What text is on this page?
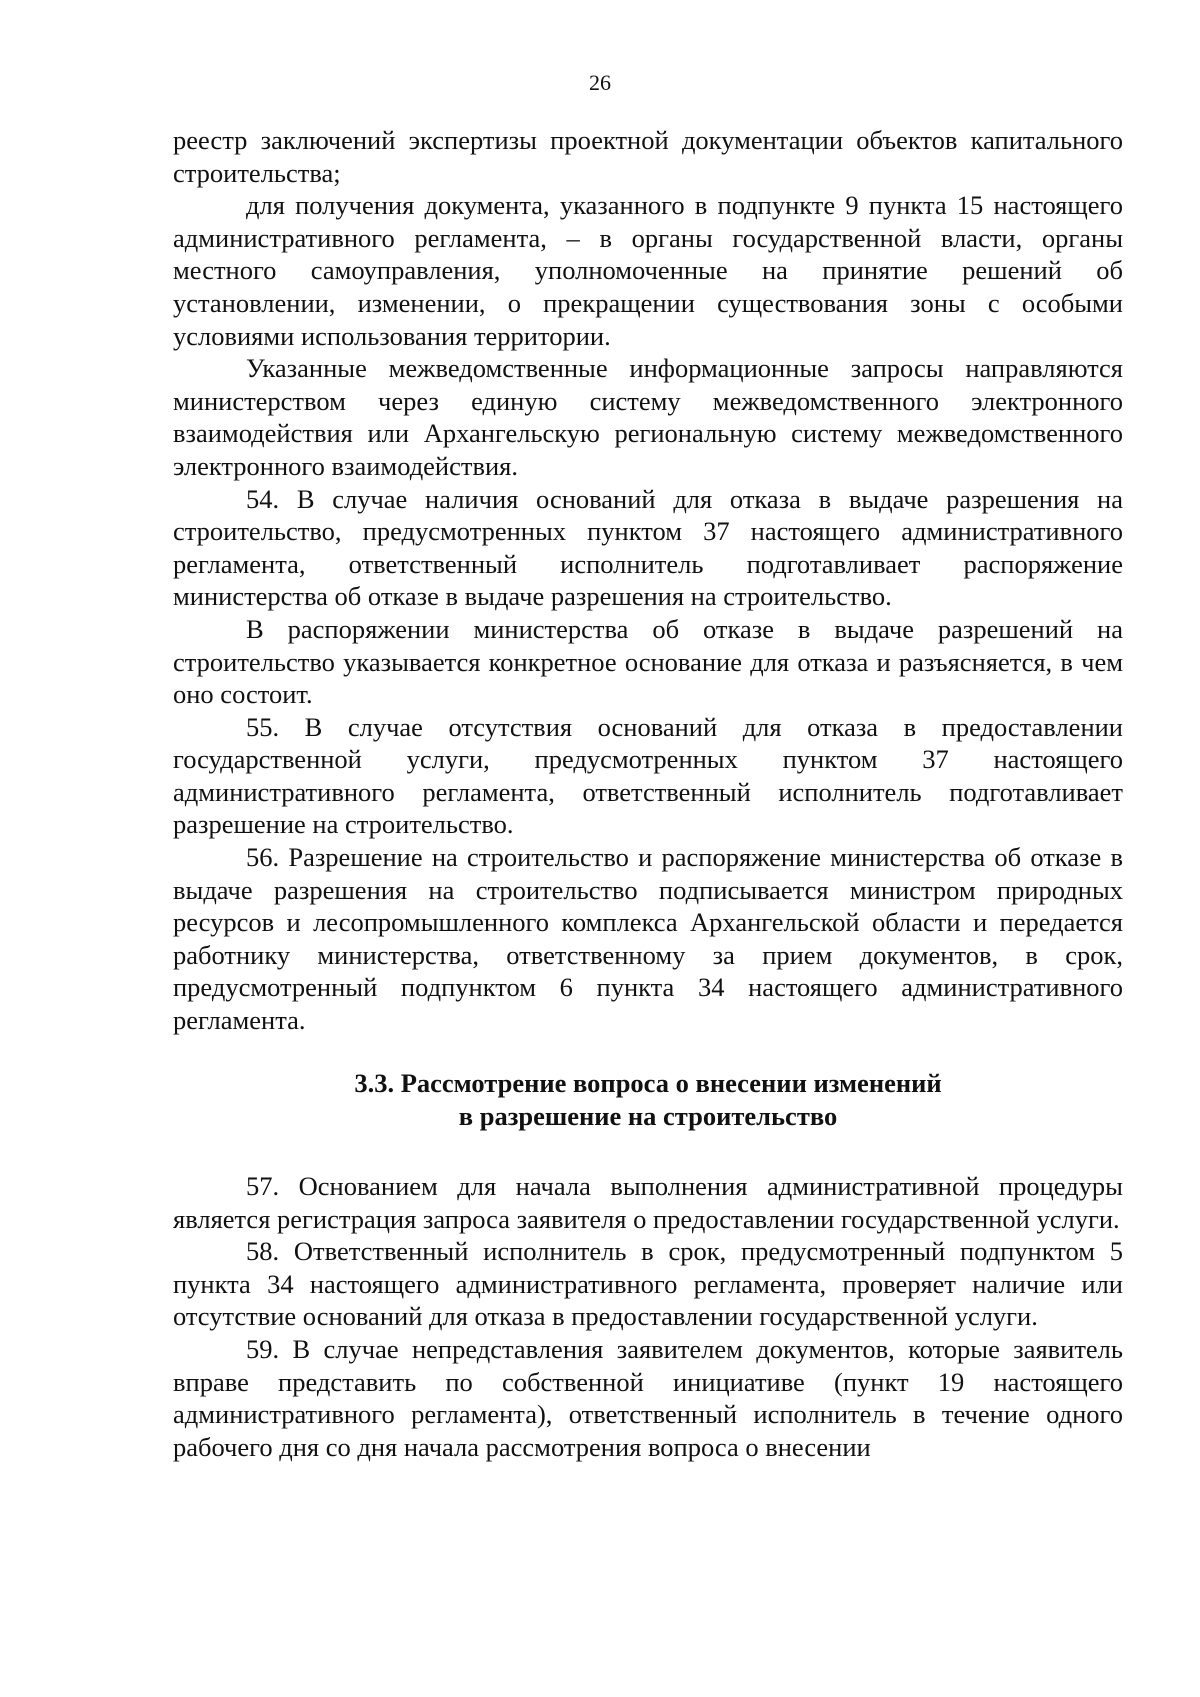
26

реестр заключений экспертизы проектной документации объектов капитального строительства;

для получения документа, указанного в подпункте 9 пункта 15 настоящего административного регламента, – в органы государственной власти, органы местного самоуправления, уполномоченные на принятие решений об установлении, изменении, о прекращении существования зоны с особыми условиями использования территории.

Указанные межведомственные информационные запросы направляются министерством через единую систему межведомственного электронного взаимодействия или Архангельскую региональную систему межведомственного электронного взаимодействия.

54. В случае наличия оснований для отказа в выдаче разрешения на строительство, предусмотренных пунктом 37 настоящего административного регламента, ответственный исполнитель подготавливает распоряжение министерства об отказе в выдаче разрешения на строительство.

В распоряжении министерства об отказе в выдаче разрешений на строительство указывается конкретное основание для отказа и разъясняется, в чем оно состоит.

55. В случае отсутствия оснований для отказа в предоставлении государственной услуги, предусмотренных пунктом 37 настоящего административного регламента, ответственный исполнитель подготавливает разрешение на строительство.

56. Разрешение на строительство и распоряжение министерства об отказе в выдаче разрешения на строительство подписывается министром природных ресурсов и лесопромышленного комплекса Архангельской области и передается работнику министерства, ответственному за прием документов, в срок, предусмотренный подпунктом 6 пункта 34 настоящего административного регламента.

3.3. Рассмотрение вопроса о внесении изменений
в разрешение на строительство

57. Основанием для начала выполнения административной процедуры является регистрация запроса заявителя о предоставлении государственной услуги.

58. Ответственный исполнитель в срок, предусмотренный подпунктом 5 пункта 34 настоящего административного регламента, проверяет наличие или отсутствие оснований для отказа в предоставлении государственной услуги.

59. В случае непредставления заявителем документов, которые заявитель вправе представить по собственной инициативе (пункт 19 настоящего административного регламента), ответственный исполнитель в течение одного рабочего дня со дня начала рассмотрения вопроса о внесении
